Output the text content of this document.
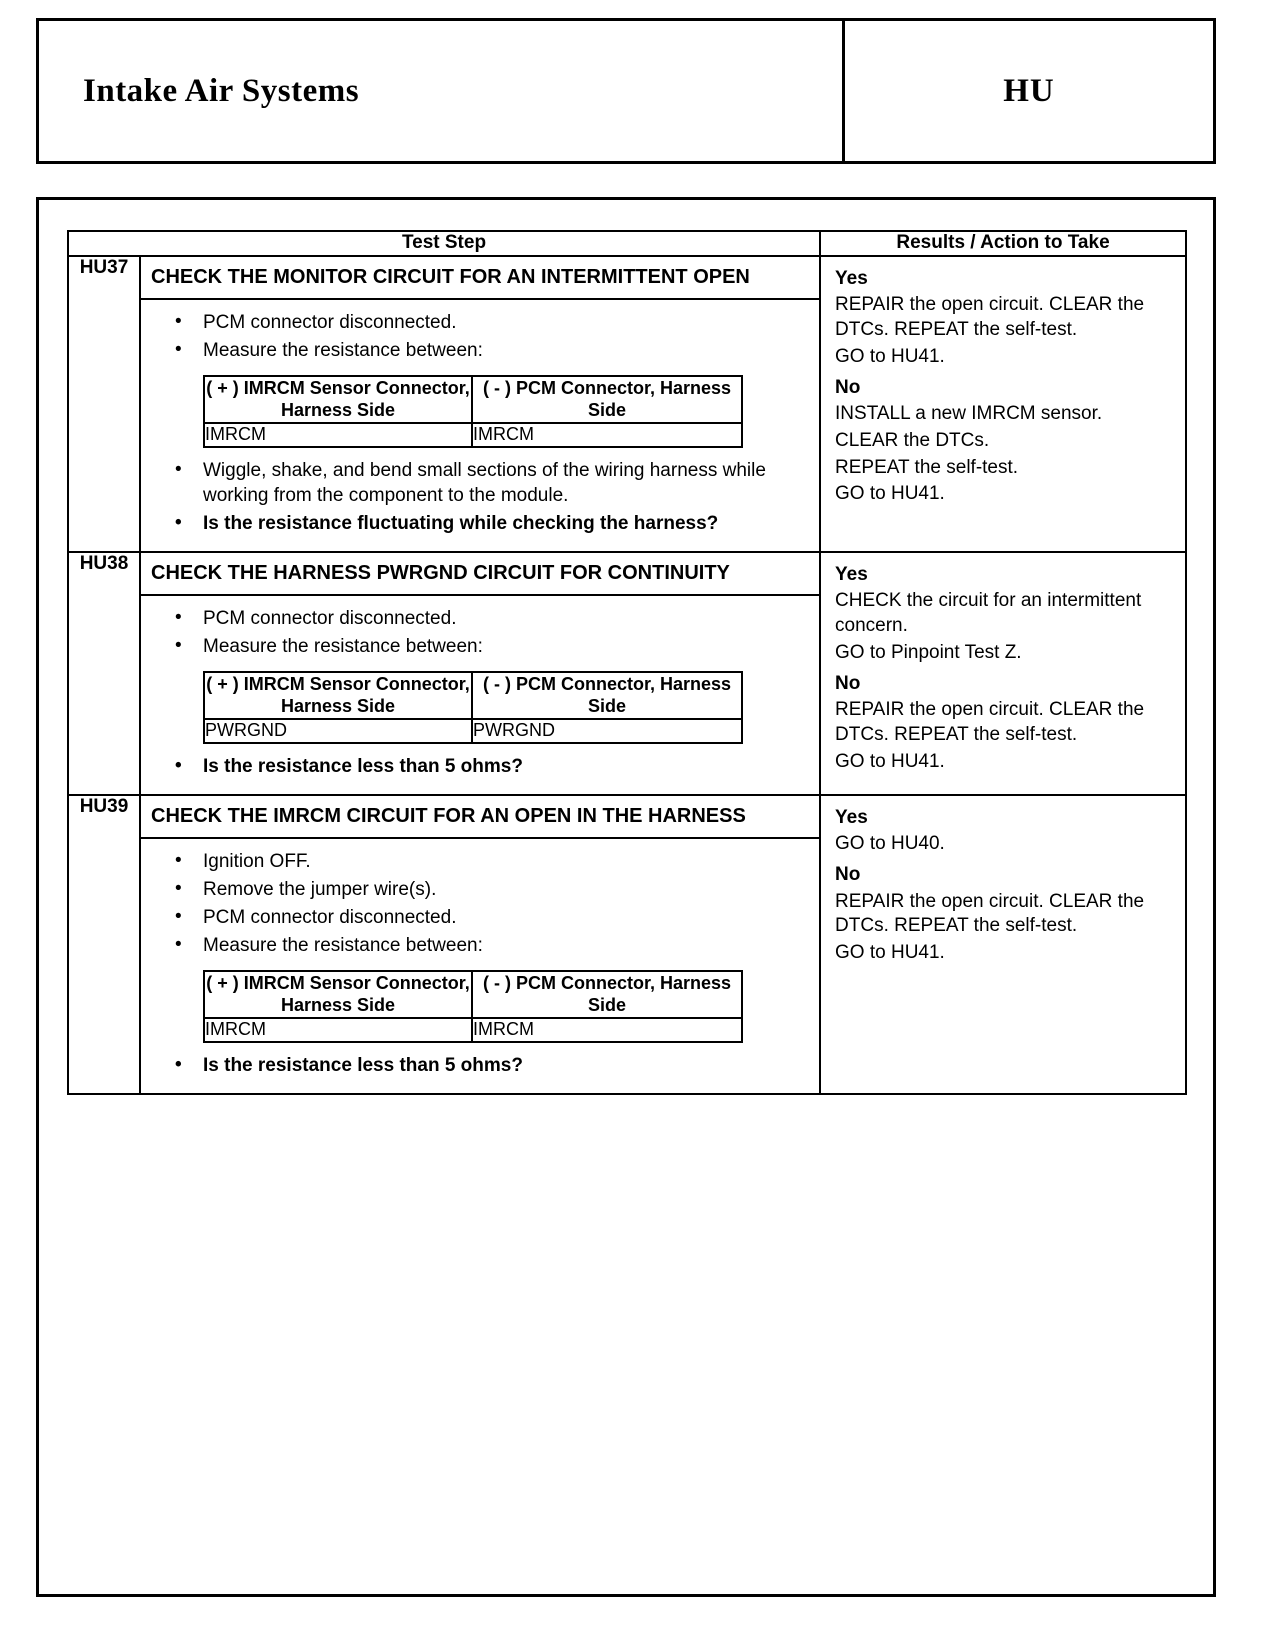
Intake Air Systems	HU
Test Step	Results / Action to Take
HU37	CHECK THE MONITOR CIRCUIT FOR AN INTERMITTENT OPEN
• PCM connector disconnected.
• Measure the resistance between:
( + ) IMRCM Sensor Connector, Harness Side	( - ) PCM Connector, Harness Side
IMRCM	IMRCM
• Wiggle, shake, and bend small sections of the wiring harness while working from the component to the module.
• Is the resistance fluctuating while checking the harness?

Yes
REPAIR the open circuit. CLEAR the DTCs. REPEAT the self-test.
GO to HU41.
No
INSTALL a new IMRCM sensor.
CLEAR the DTCs.
REPEAT the self-test.
GO to HU41.

HU38	CHECK THE HARNESS PWRGND CIRCUIT FOR CONTINUITY
• PCM connector disconnected.
• Measure the resistance between:
( + ) IMRCM Sensor Connector, Harness Side	( - ) PCM Connector, Harness Side
PWRGND	PWRGND
• Is the resistance less than 5 ohms?

Yes
CHECK the circuit for an intermittent concern.
GO to Pinpoint Test Z.
No
REPAIR the open circuit. CLEAR the DTCs. REPEAT the self-test.
GO to HU41.

HU39	CHECK THE IMRCM CIRCUIT FOR AN OPEN IN THE HARNESS
• Ignition OFF.
• Remove the jumper wire(s).
• PCM connector disconnected.
• Measure the resistance between:
( + ) IMRCM Sensor Connector, Harness Side	( - ) PCM Connector, Harness Side
IMRCM	IMRCM
• Is the resistance less than 5 ohms?

Yes
GO to HU40.
No
REPAIR the open circuit. CLEAR the DTCs. REPEAT the self-test.
GO to HU41.
